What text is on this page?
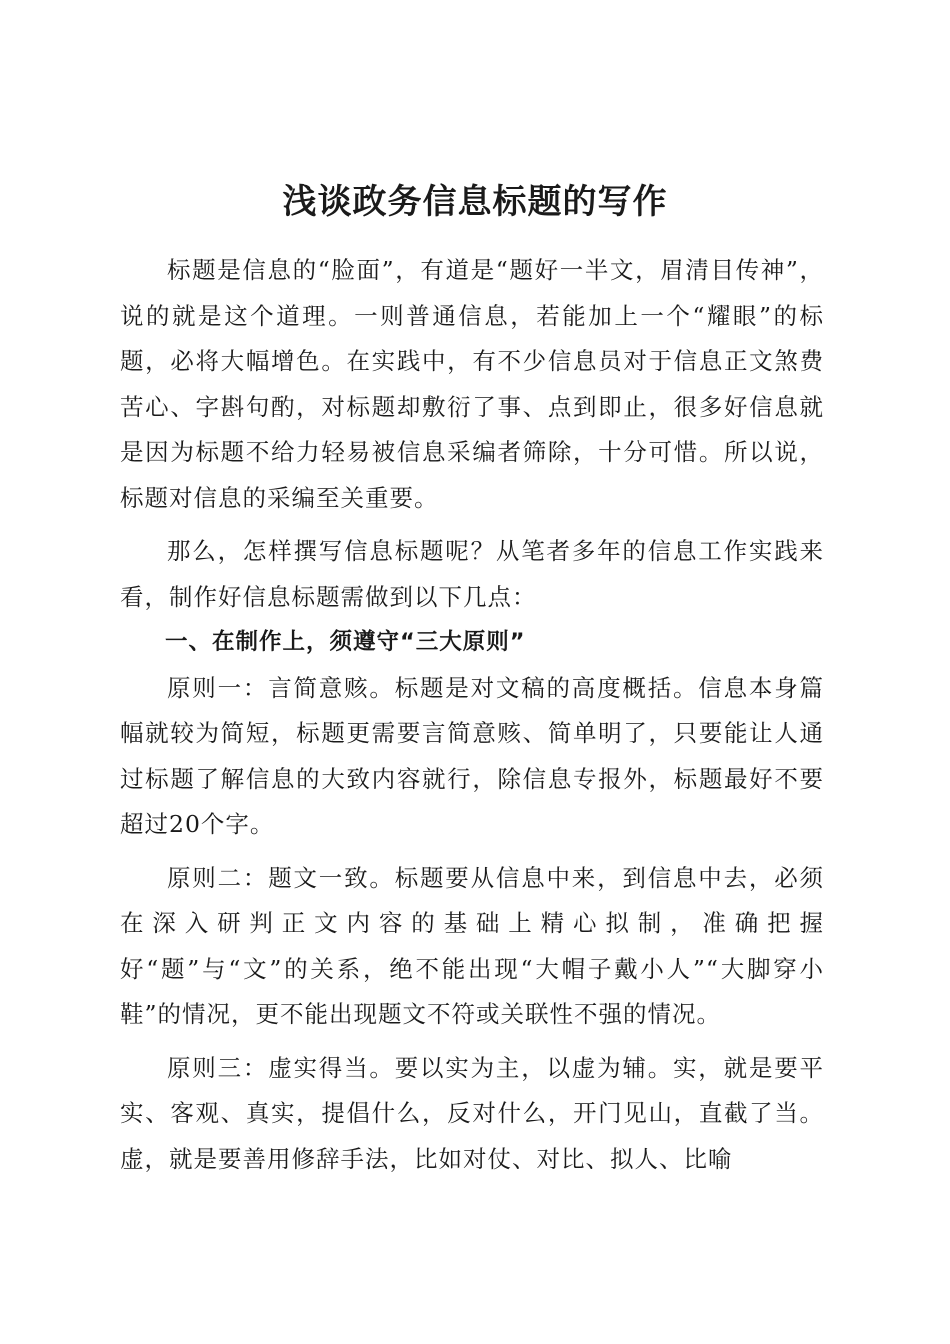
浅谈政务信息标题的写作

标题是信息的“脸面”，有道是“题好一半文，眉清目传神”，说的就是这个道理。一则普通信息，若能加上一个“耀眼”的标题，必将大幅增色。在实践中，有不少信息员对于信息正文煞费苦心、字斟句酌，对标题却敷衍了事、点到即止，很多好信息就是因为标题不给力轻易被信息采编者筛除，十分可惜。所以说，标题对信息的采编至关重要。

那么，怎样撰写信息标题呢？从笔者多年的信息工作实践来看，制作好信息标题需做到以下几点：

一、在制作上，须遵守“三大原则”

原则一：言简意赅。标题是对文稿的高度概括。信息本身篇幅就较为简短，标题更需要言简意赅、简单明了，只要能让人通过标题了解信息的大致内容就行，除信息专报外，标题最好不要超过20个字。

原则二：题文一致。标题要从信息中来，到信息中去，必须在深入研判正文内容的基础上精心拟制，准确把握好“题”与“文”的关系，绝不能出现“大帽子戴小人”“大脚穿小鞋”的情况，更不能出现题文不符或关联性不强的情况。

原则三：虚实得当。要以实为主，以虚为辅。实，就是要平实、客观、真实，提倡什么，反对什么，开门见山，直截了当。虚，就是要善用修辞手法，比如对仗、对比、拟人、比喻
